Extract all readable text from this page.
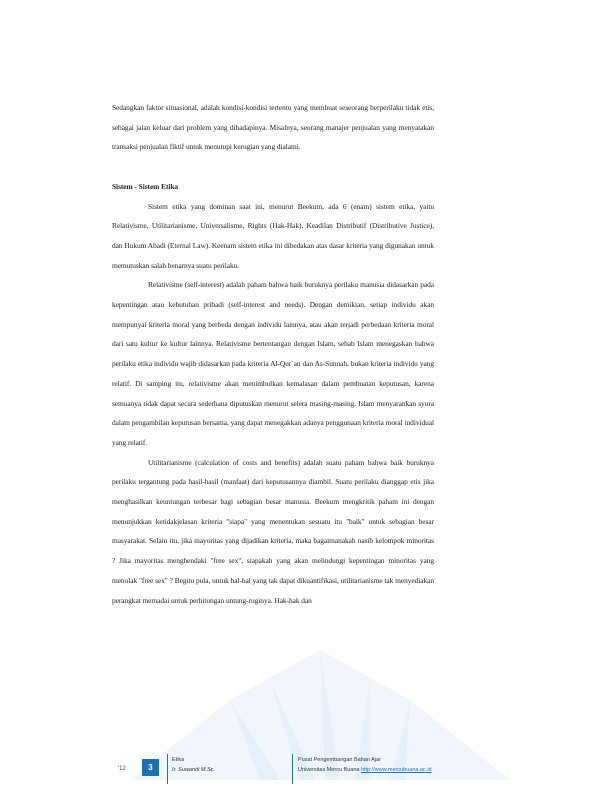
Sedangkan faktor situasional, adalah kondisi-kondisi tertentu yang membuat seseorang berperilaku tidak etis, sebagai jalan keluar dari problem yang dihadapinya. Misalnya, seorang manajer penjualan yang menyatakan transaksi penjualan fiktif untuk menutupi kerugian yang dialami.

Sistem - Sistem Etika

Sistem etika yang dominan saat ini, menurut Beekum, ada 6 (enam) sistem etika, yaitu Relativisme, Utilitarianisme, Universalisme, Rights (Hak-Hak), Keadilan Distributif (Distributive Justice), dan Hukum Abadi (Eternal Law). Keenam sistem etika ini dibedakan atas dasar kriteria yang digunakan untuk memutuskan salah benarnya suatu perilaku.

Relativisme (self-interest) adalah paham bahwa baik buruknya perilaku manusia didasarkan pada kepentingan atau kebutuhan pribadi (self-interest and needs). Dengan demikian, setiap individu akan mempunyai kriteria moral yang berbeda dengan individu lainnya, atau akan terjadi perbedaan kriteria moral dari satu kultur ke kultur lainnya. Relativisme bertentangan dengan Islam, sebab Islam menegaskan bahwa perilaku etika individu wajib didasarkan pada kriteria Al-Qur`an dan As-Sunnah, bukan kriteria individu yang relatif. Di samping itu, relativisme akan menimbulkan kemalasan dalam pembuatan keputusan, karena semuanya tidak dapat secara sederhana diputuskan menurut selera masing-masing. Islam menyarankan syura dalam pengambilan keputusan bersama, yang dapat menegakkan adanya penggunaan kriteria moral individual yang relatif.

Utilitarianisme (calculation of costs and benefits) adalah suatu paham bahwa baik buruknya perilaku tergantung pada hasil-hasil (manfaat) dari keputusannya diambil. Suatu perilaku dianggap etis jika menghasilkan keuntungan terbesar bagi sebagian besar manusia. Beekum mengkritik paham ini dengan menunjukkan ketidakjelasan kriteria "siapa" yang menentukan sesuatu itu "baik" untuk sebagian besar masyarakat. Selain itu, jika mayoritas yang dijadikan kriteria, maka bagaimanakah nasib kelompok minoritas ? Jika mayoritas menghendaki "free sex", siapakah yang akan melindungi kepentingan minoritas yang menolak "free sex" ? Begitu pula, untuk hal-hal yang tak dapat dikuantifikasi, utilitarianisme tak menyediakan perangkat memadai untuk perhitungan untung-ruginya. Hak-hak dan

'12	3
Etika
Ir. Suwandi M.Sc.
Pusat Pengembangan Bahan Ajar
Universitas Mercu Buana http://www.mercubuana.ac.id
